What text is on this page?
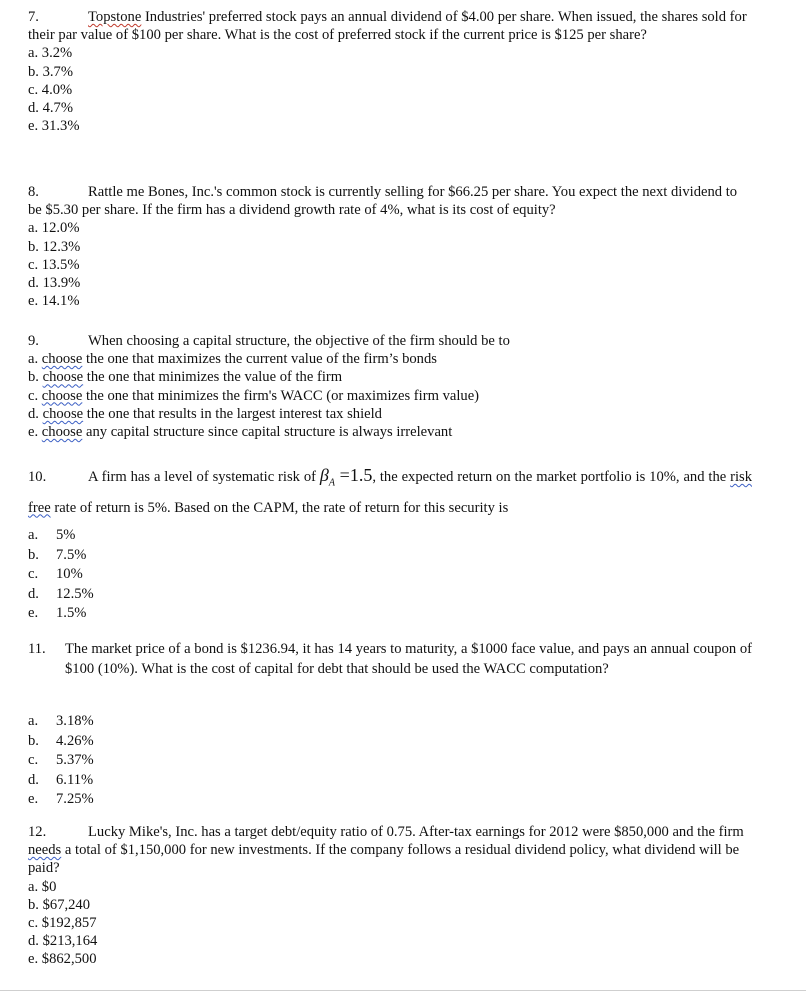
7.	Topstone Industries' preferred stock pays an annual dividend of $4.00 per share. When issued, the shares sold for their par value of $100 per share. What is the cost of preferred stock if the current price is $125 per share?

a. 3.2%
b. 3.7%
c. 4.0%
d. 4.7%
e. 31.3%

8.	Rattle me Bones, Inc.'s common stock is currently selling for $66.25 per share. You expect the next dividend to be $5.30 per share. If the firm has a dividend growth rate of 4%, what is its cost of equity?

a. 12.0%
b. 12.3%
c. 13.5%
d. 13.9%
e. 14.1%

9.	When choosing a capital structure, the objective of the firm should be to

a. choose the one that maximizes the current value of the firm’s bonds
b. choose the one that minimizes the value of the firm
c. choose the one that minimizes the firm's WACC (or maximizes firm value)
d. choose the one that results in the largest interest tax shield
e. choose any capital structure since capital structure is always irrelevant

10.	A firm has a level of systematic risk of $\beta_A =1.5$, the expected return on the market portfolio is 10%, and the risk free rate of return is 5%. Based on the CAPM, the rate of return for this security is

a. 5%
b. 7.5%
c. 10%
d. 12.5%
e. 1.5%

11. The market price of a bond is $1236.94, it has 14 years to maturity, a $1000 face value, and pays an annual coupon of $100 (10%). What is the cost of capital for debt that should be used the WACC computation?

a. 3.18%
b. 4.26%
c. 5.37%
d. 6.11%
e. 7.25%

12.	Lucky Mike's, Inc. has a target debt/equity ratio of 0.75. After-tax earnings for 2012 were $850,000 and the firm needs a total of $1,150,000 for new investments. If the company follows a residual dividend policy, what dividend will be paid?

a. $0
b. $67,240
c. $192,857
d. $213,164
e. $862,500
